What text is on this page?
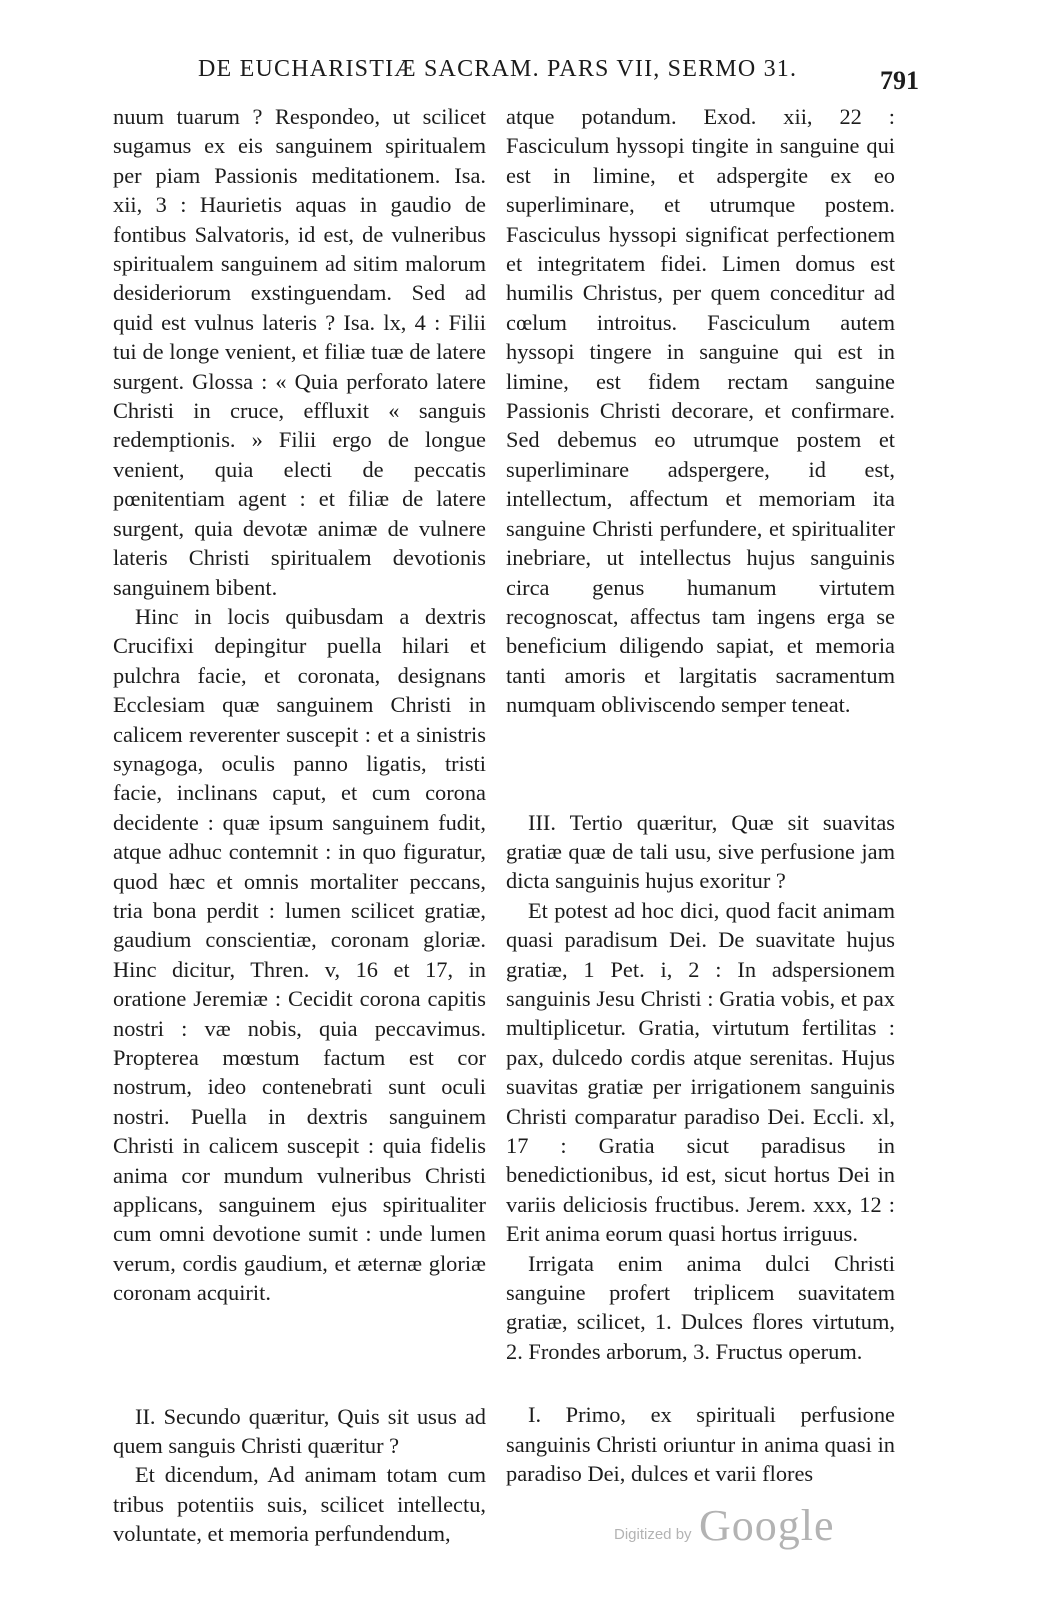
DE EUCHARISTIÆ SACRAM. PARS VII, SERMO 31.	791

nuum tuarum ? Respondeo, ut scilicet sugamus ex eis sanguinem spiritualem per piam Passionis meditationem. Isa. xii, 3 : Haurietis aquas in gaudio de fontibus Salvatoris, id est, de vulneribus spiritualem sanguinem ad sitim malorum desideriorum exstinguendam. Sed ad quid est vulnus lateris ? Isa. lx, 4 : Filii tui de longe venient, et filiæ tuæ de latere surgent. Glossa : « Quia perforato latere Christi in cruce, effluxit « sanguis redemptionis. » Filii ergo de longue venient, quia electi de peccatis pœnitentiam agent : et filiæ de latere surgent, quia devotæ animæ de vulnere lateris Christi spiritualem devotionis sanguinem bibent.

Hinc in locis quibusdam a dextris Crucifixi depingitur puella hilari et pulchra facie, et coronata, designans Ecclesiam quæ sanguinem Christi in calicem reverenter suscepit : et a sinistris synagoga, oculis panno ligatis, tristi facie, inclinans caput, et cum corona decidente : quæ ipsum sanguinem fudit, atque adhuc contemnit : in quo figuratur, quod hæc et omnis mortaliter peccans, tria bona perdit : lumen scilicet gratiæ, gaudium conscientiæ, coronam gloriæ. Hinc dicitur, Thren. v, 16 et 17, in oratione Jeremiæ : Cecidit corona capitis nostri : væ nobis, quia peccavimus. Propterea mœstum factum est cor nostrum, ideo contenebrati sunt oculi nostri. Puella in dextris sanguinem Christi in calicem suscepit : quia fidelis anima cor mundum vulneribus Christi applicans, sanguinem ejus spiritualiter cum omni devotione sumit : unde lumen verum, cordis gaudium, et æternæ gloriæ coronam acquirit.

II. Secundo quæritur, Quis sit usus ad quem sanguis Christi quæritur ?

Et dicendum, Ad animam totam cum tribus potentiis suis, scilicet intellectu, voluntate, et memoria perfundendum,

atque potandum. Exod. xii, 22 : Fasciculum hyssopi tingite in sanguine qui est in limine, et adspergite ex eo superliminare, et utrumque postem. Fasciculus hyssopi significat perfectionem et integritatem fidei. Limen domus est humilis Christus, per quem conceditur ad cœlum introitus. Fasciculum autem hyssopi tingere in sanguine qui est in limine, est fidem rectam sanguine Passionis Christi decorare, et confirmare. Sed debemus eo utrumque postem et superliminare adspergere, id est, intellectum, affectum et memoriam ita sanguine Christi perfundere, et spiritualiter inebriare, ut intellectus hujus sanguinis circa genus humanum virtutem recognoscat, affectus tam ingens erga se beneficium diligendo sapiat, et memoria tanti amoris et largitatis sacramentum numquam obliviscendo semper teneat.

III. Tertio quæritur, Quæ sit suavitas gratiæ quæ de tali usu, sive perfusione jam dicta sanguinis hujus exoritur ?

Et potest ad hoc dici, quod facit animam quasi paradisum Dei. De suavitate hujus gratiæ, 1 Pet. i, 2 : In adspersionem sanguinis Jesu Christi : Gratia vobis, et pax multiplicetur. Gratia, virtutum fertilitas : pax, dulcedo cordis atque serenitas. Hujus suavitas gratiæ per irrigationem sanguinis Christi comparatur paradiso Dei. Eccli. xl, 17 : Gratia sicut paradisus in benedictionibus, id est, sicut hortus Dei in variis deliciosis fructibus. Jerem. xxx, 12 : Erit anima eorum quasi hortus irriguus.

Irrigata enim anima dulci Christi sanguine profert triplicem suavitatem gratiæ, scilicet, 1. Dulces flores virtutum, 2. Frondes arborum, 3. Fructus operum.

I. Primo, ex spirituali perfusione sanguinis Christi oriuntur in anima quasi in paradiso Dei, dulces et varii flores

Digitized by Google
